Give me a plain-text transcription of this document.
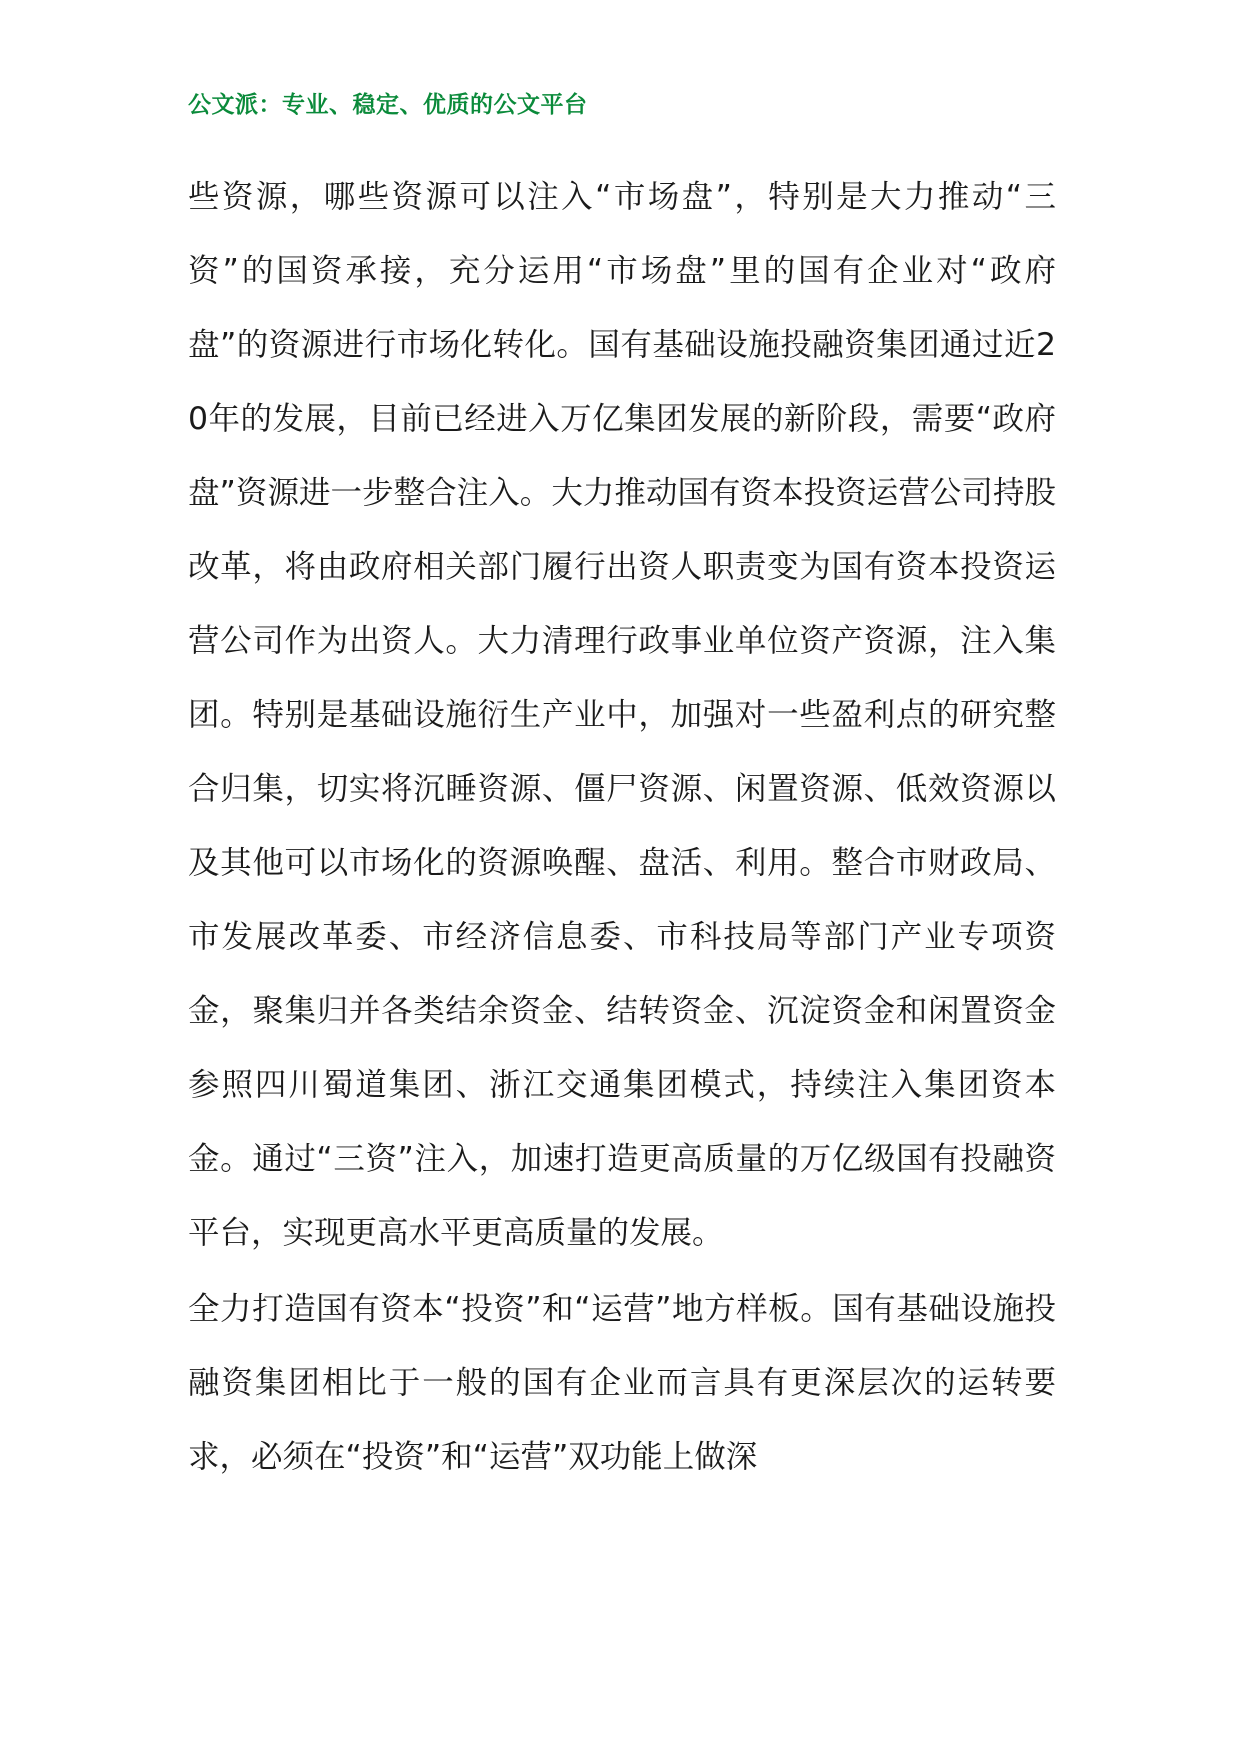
公文派：专业、稳定、优质的公文平台

些资源，哪些资源可以注入“市场盘”，特别是大力推动“三资”的国资承接，充分运用“市场盘”里的国有企业对“政府盘”的资源进行市场化转化。国有基础设施投融资集团通过近20年的发展，目前已经进入万亿集团发展的新阶段，需要“政府盘”资源进一步整合注入。大力推动国有资本投资运营公司持股改革，将由政府相关部门履行出资人职责变为国有资本投资运营公司作为出资人。大力清理行政事业单位资产资源，注入集团。特别是基础设施衍生产业中，加强对一些盈利点的研究整合归集，切实将沉睡资源、僵尸资源、闲置资源、低效资源以及其他可以市场化的资源唤醒、盘活、利用。整合市财政局、市发展改革委、市经济信息委、市科技局等部门产业专项资金，聚集归并各类结余资金、结转资金、沉淀资金和闲置资金参照四川蜀道集团、浙江交通集团模式，持续注入集团资本金。通过“三资”注入，加速打造更高质量的万亿级国有投融资平台，实现更高水平更高质量的发展。

全力打造国有资本“投资”和“运营”地方样板。国有基础设施投融资集团相比于一般的国有企业而言具有更深层次的运转要求，必须在“投资”和“运营”双功能上做深
